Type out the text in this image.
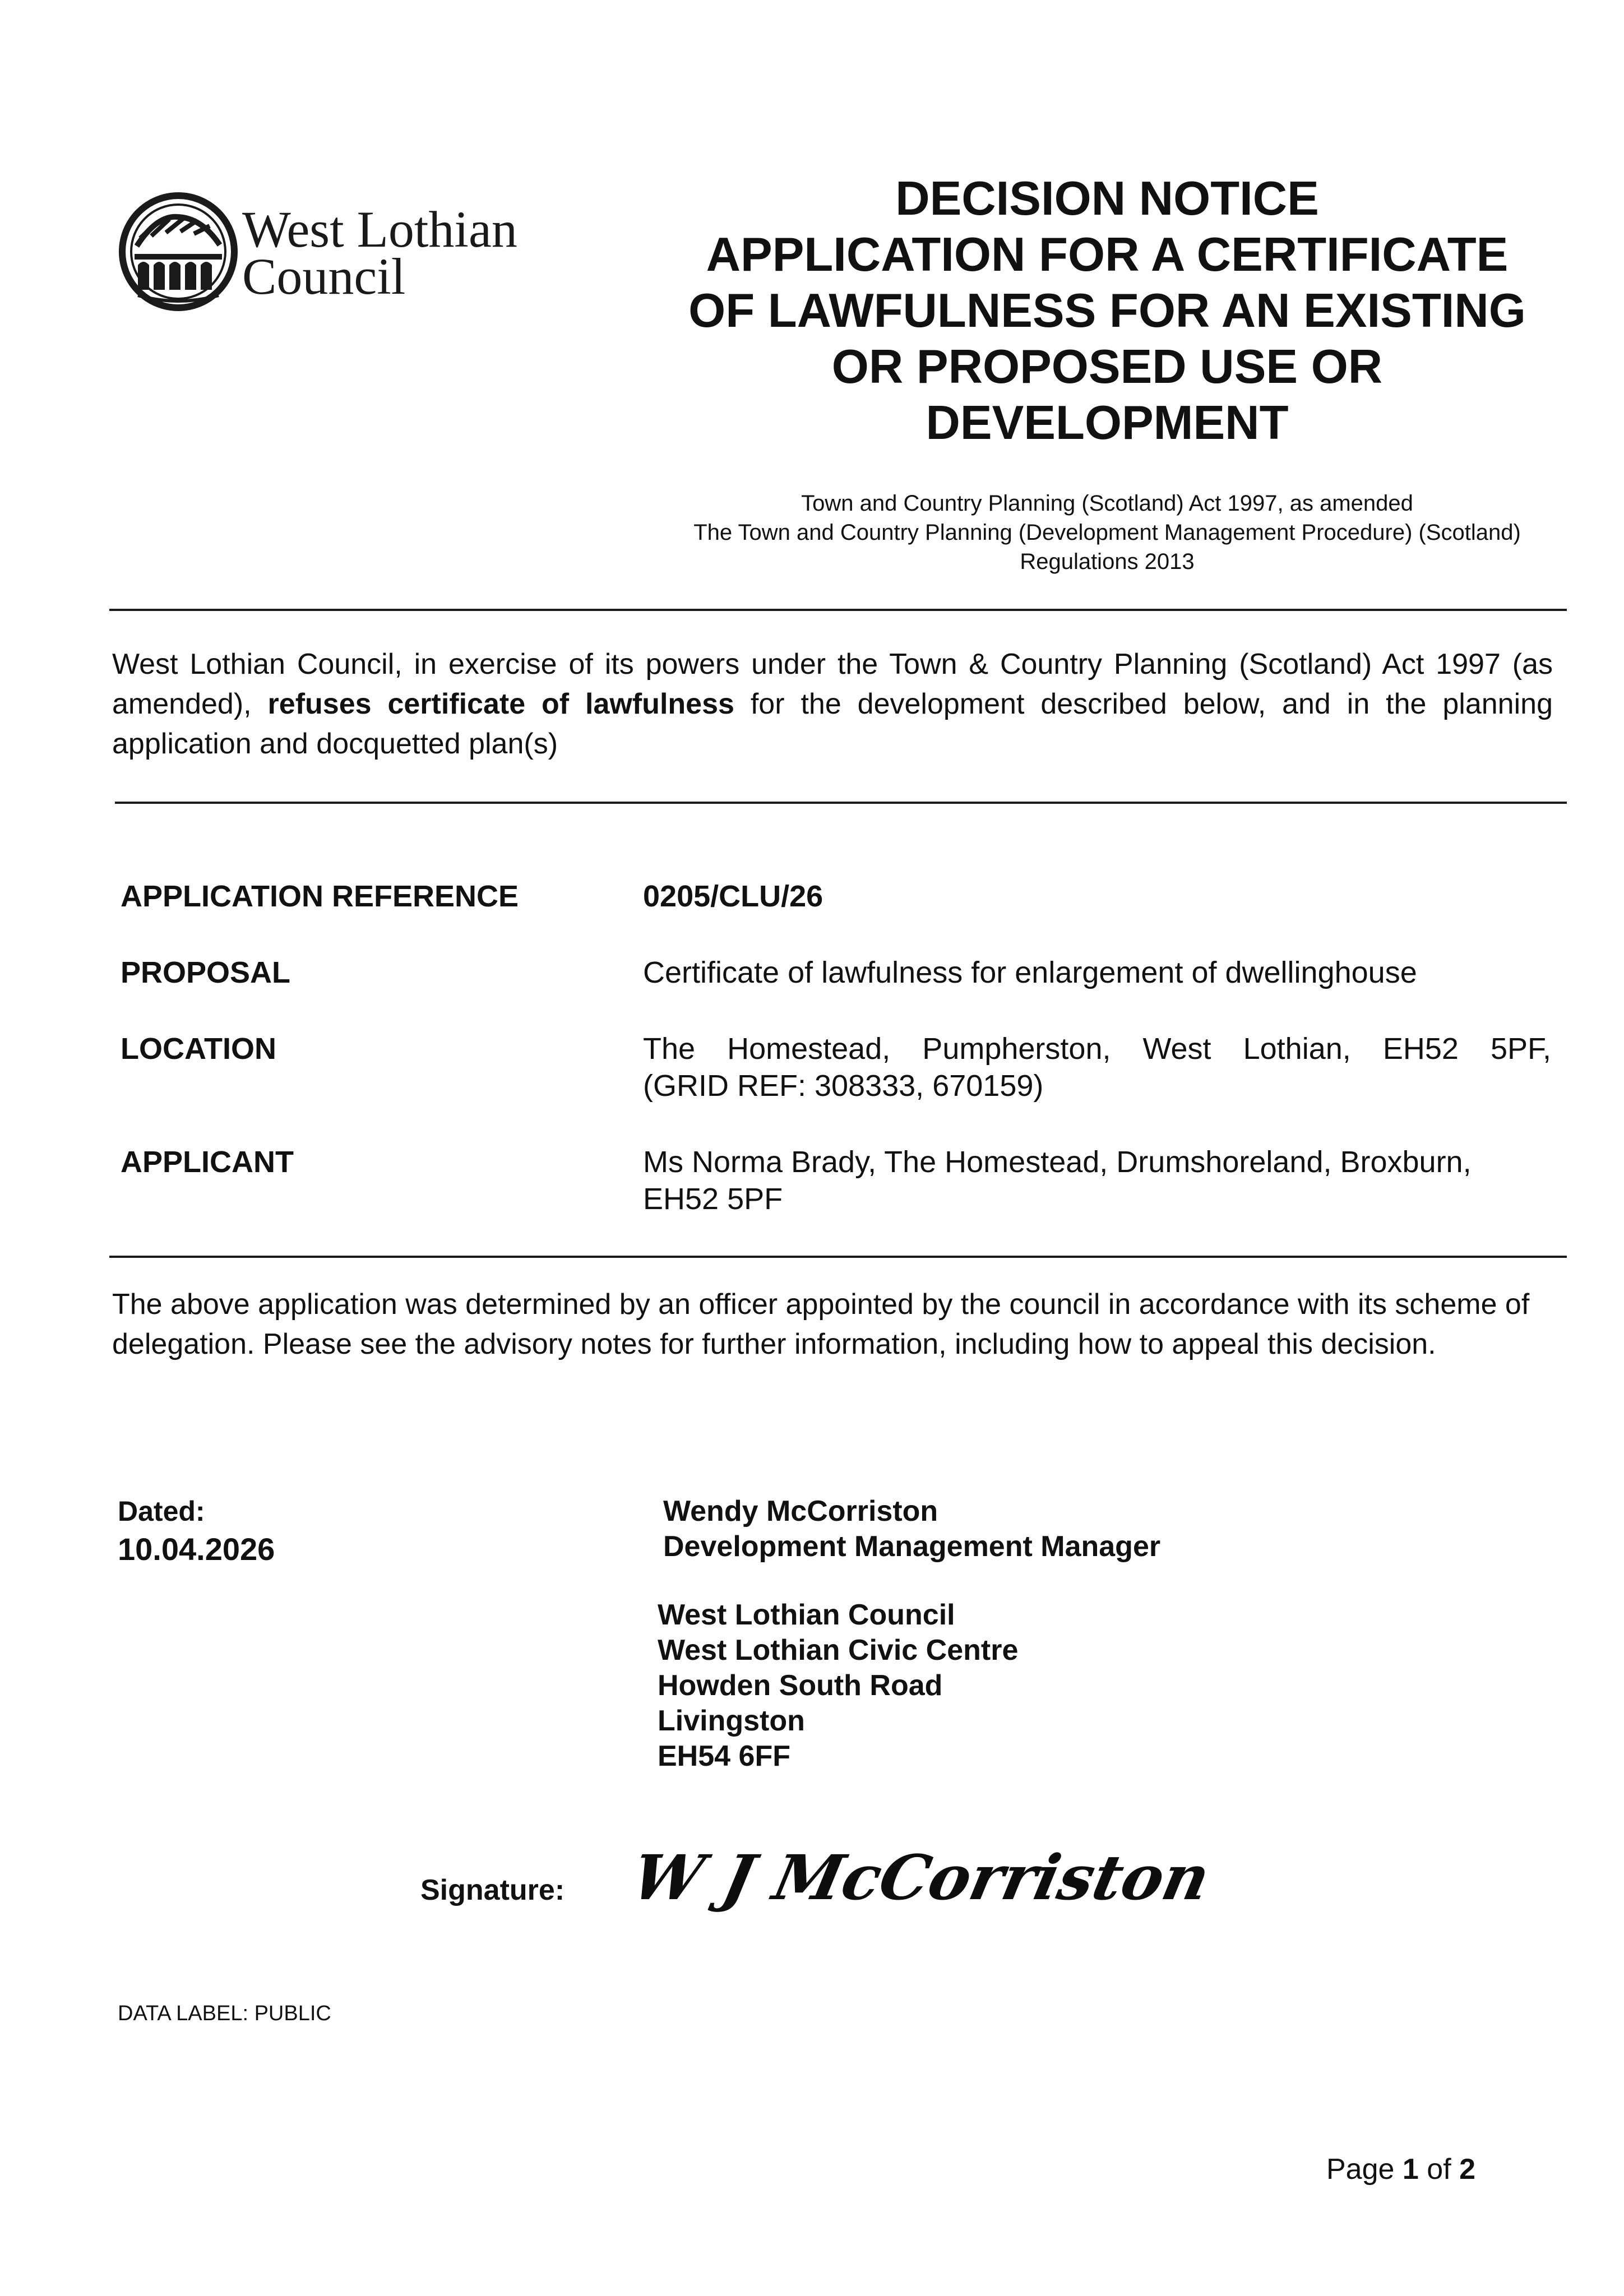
West Lothian
Council
DECISION NOTICE
APPLICATION FOR A CERTIFICATE
OF LAWFULNESS FOR AN EXISTING
OR PROPOSED USE OR
DEVELOPMENT
Town and Country Planning (Scotland) Act 1997, as amended
The Town and Country Planning (Development Management Procedure) (Scotland)
Regulations 2013
West Lothian Council, in exercise of its powers under the Town & Country Planning (Scotland) Act 1997 (as amended), refuses certificate of lawfulness for the development described below, and in the planning application and docquetted plan(s)
APPLICATION REFERENCE	0205/CLU/26
PROPOSAL	Certificate of lawfulness for enlargement of dwellinghouse
LOCATION	The Homestead, Pumpherston, West Lothian, EH52 5PF,
(GRID REF: 308333, 670159)
APPLICANT	Ms Norma Brady, The Homestead, Drumshoreland, Broxburn,
EH52 5PF
The above application was determined by an officer appointed by the council in accordance with its scheme of delegation. Please see the advisory notes for further information, including how to appeal this decision.
Dated:
10.04.2026
Wendy McCorriston
Development Management Manager
West Lothian Council
West Lothian Civic Centre
Howden South Road
Livingston
EH54 6FF
Signature: W J McCorriston
DATA LABEL: PUBLIC
Page 1 of 2
